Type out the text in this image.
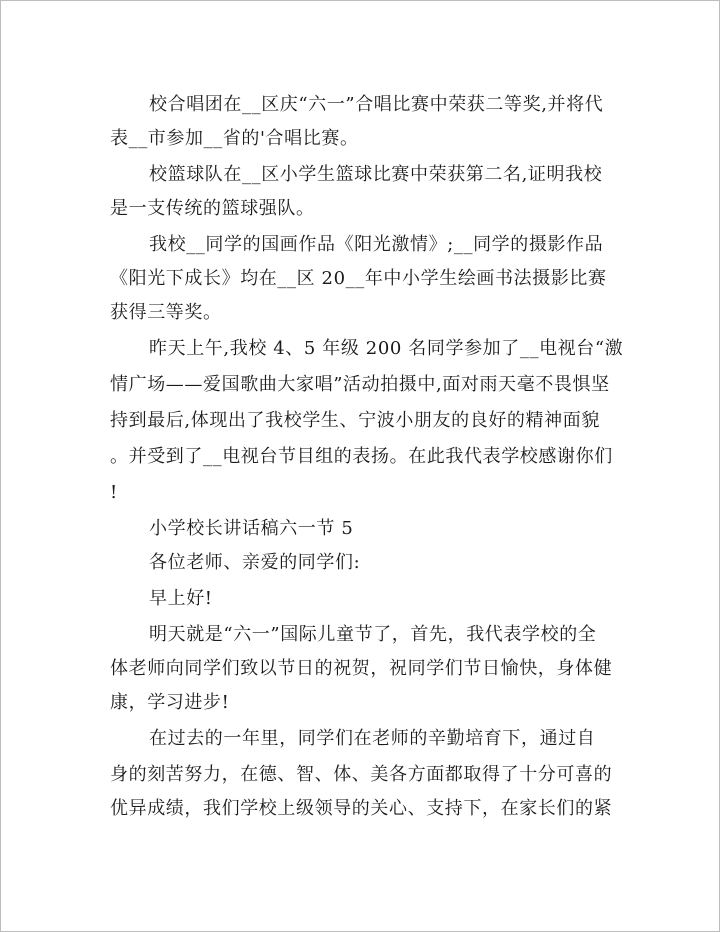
校合唱团在__区庆“六一”合唱比赛中荣获二等奖,并将代
表__市参加__省的'合唱比赛。
校篮球队在__区小学生篮球比赛中荣获第二名,证明我校
是一支传统的篮球强队。
我校__同学的国画作品《阳光激情》;__同学的摄影作品
《阳光下成长》均在__区 20__年中小学生绘画书法摄影比赛
获得三等奖。
昨天上午,我校 4、5 年级 200 名同学参加了__电视台“激
情广场——爱国歌曲大家唱”活动拍摄中,面对雨天毫不畏惧坚
持到最后,体现出了我校学生、宁波小朋友的良好的精神面貌
。并受到了__电视台节目组的表扬。在此我代表学校感谢你们
!
小学校长讲话稿六一节 5
各位老师、亲爱的同学们:
早上好!
明天就是“六一”国际儿童节了，首先，我代表学校的全
体老师向同学们致以节日的祝贺，祝同学们节日愉快，身体健
康，学习进步!
在过去的一年里，同学们在老师的辛勤培育下，通过自
身的刻苦努力，在德、智、体、美各方面都取得了十分可喜的
优异成绩，我们学校上级领导的关心、支持下，在家长们的紧
